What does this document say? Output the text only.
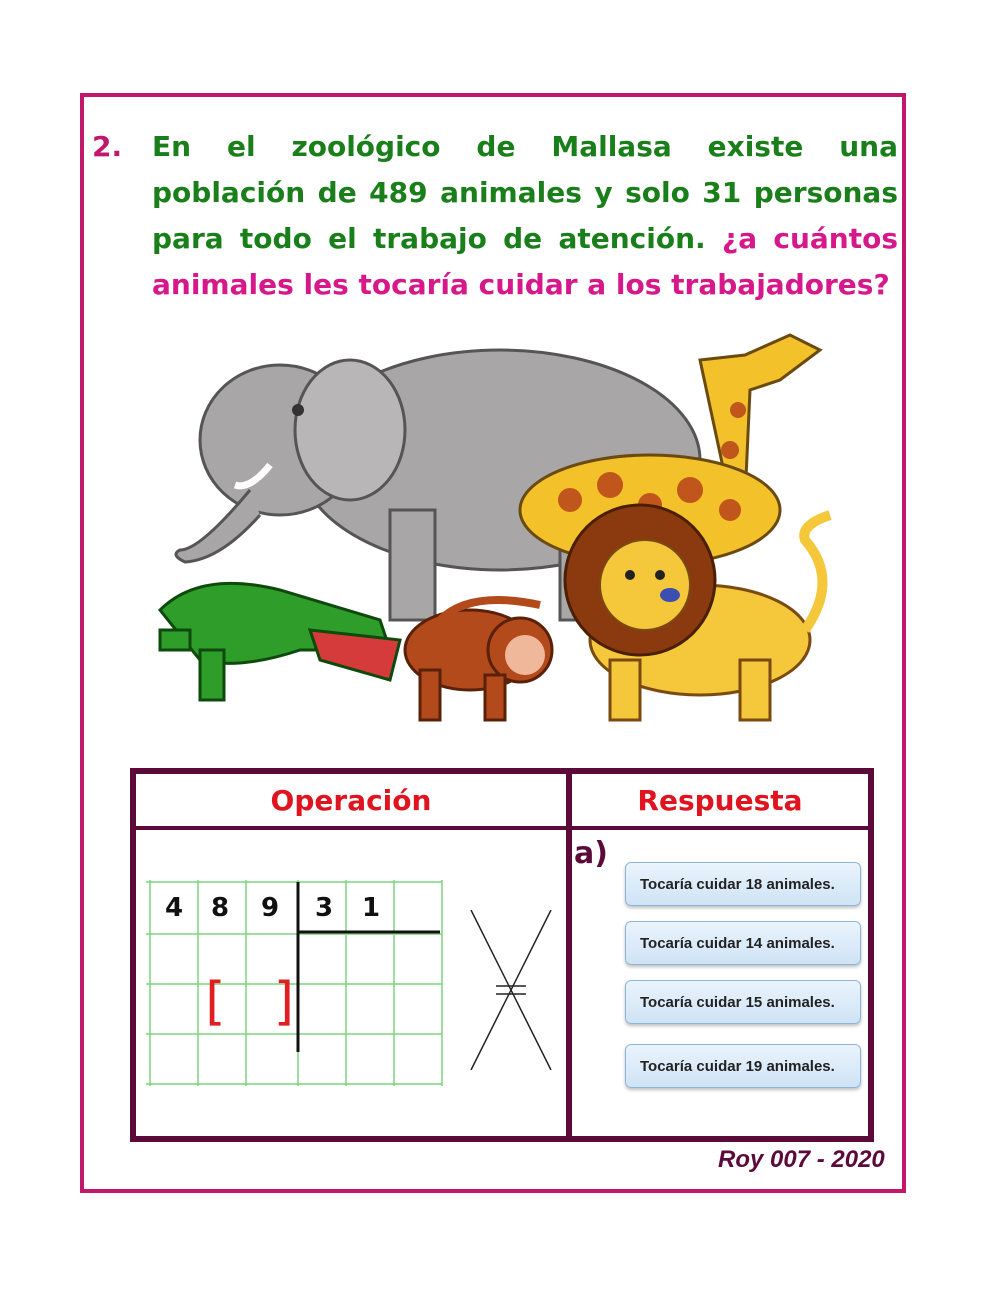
2. En el zoológico de Mallasa existe una población de 489 animales y solo 31 personas para todo el trabajo de atención. ¿a cuántos animales les tocaría cuidar a los trabajadores?
Operación	Respuesta
4 8 9 3 1
[ ]
a)
Tocaría cuidar 18 animales.
Tocaría cuidar 14 animales.
Tocaría cuidar 15 animales.
Tocaría cuidar 19 animales.
Roy 007 - 2020
